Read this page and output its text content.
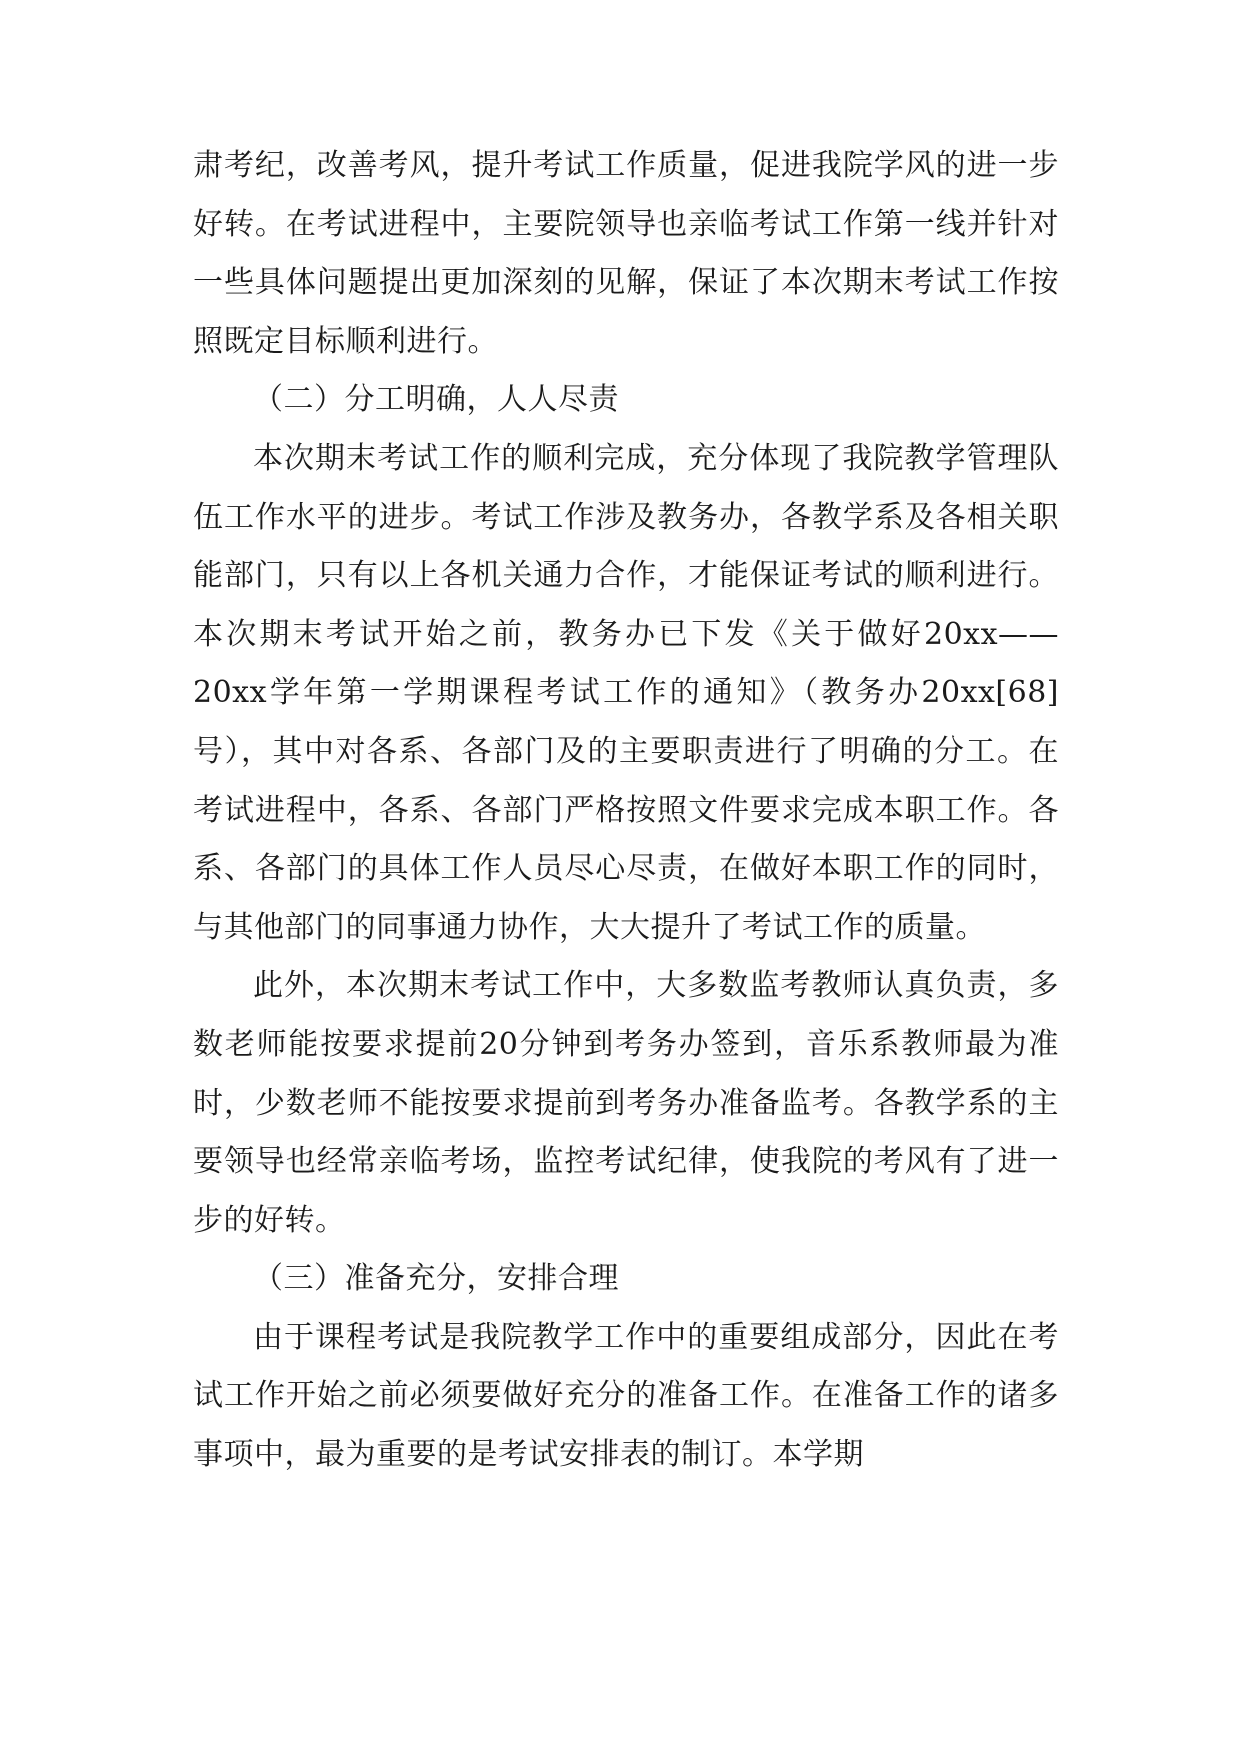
肃考纪，改善考风，提升考试工作质量，促进我院学风的进一步好转。在考试进程中，主要院领导也亲临考试工作第一线并针对一些具体问题提出更加深刻的见解，保证了本次期末考试工作按照既定目标顺利进行。

（二）分工明确，人人尽责

本次期末考试工作的顺利完成，充分体现了我院教学管理队伍工作水平的进步。考试工作涉及教务办，各教学系及各相关职能部门，只有以上各机关通力合作，才能保证考试的顺利进行。本次期末考试开始之前，教务办已下发《关于做好20xx——20xx学年第一学期课程考试工作的通知》（教务办20xx[68]号），其中对各系、各部门及的主要职责进行了明确的分工。在考试进程中，各系、各部门严格按照文件要求完成本职工作。各系、各部门的具体工作人员尽心尽责，在做好本职工作的同时，与其他部门的同事通力协作，大大提升了考试工作的质量。

此外，本次期末考试工作中，大多数监考教师认真负责，多数老师能按要求提前20分钟到考务办签到，音乐系教师最为准时，少数老师不能按要求提前到考务办准备监考。各教学系的主要领导也经常亲临考场，监控考试纪律，使我院的考风有了进一步的好转。

（三）准备充分，安排合理

由于课程考试是我院教学工作中的重要组成部分，因此在考试工作开始之前必须要做好充分的准备工作。在准备工作的诸多事项中，最为重要的是考试安排表的制订。本学期
